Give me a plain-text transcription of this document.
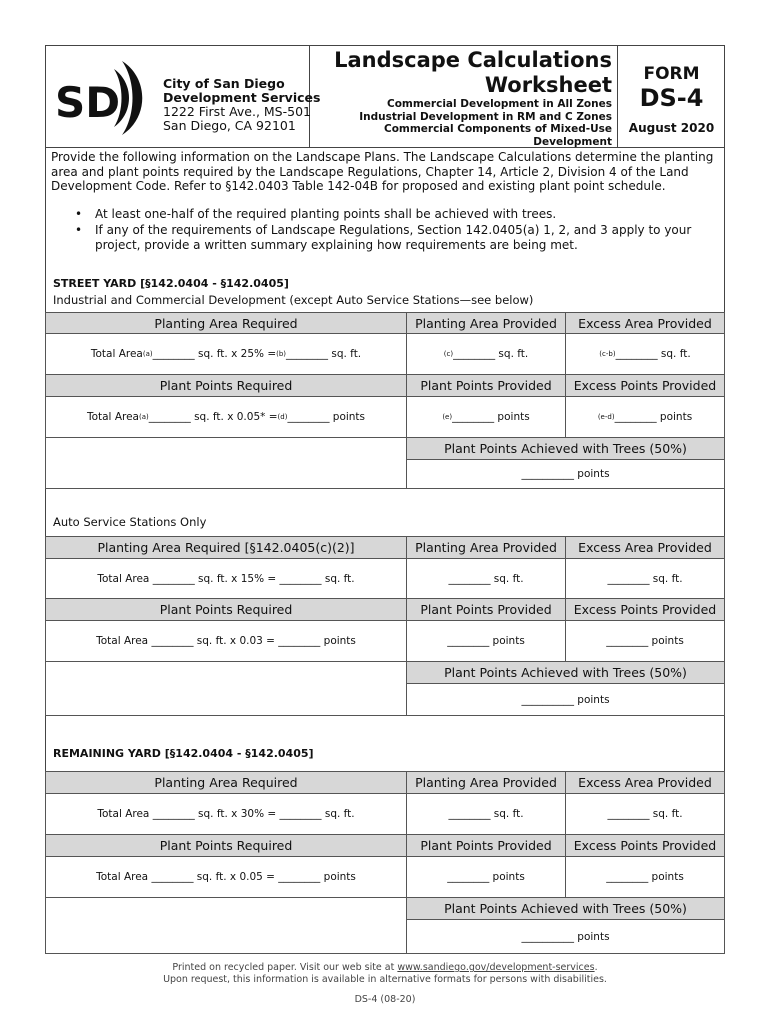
SD	City of San Diego
Development Services
1222 First Ave., MS-501
San Diego, CA 92101
Landscape Calculations
Worksheet
Commercial Development in All Zones
Industrial Development in RM and C Zones
Commercial Components of Mixed-Use Development
FORM
DS-4
August 2020
Provide the following information on the Landscape Plans. The Landscape Calculations determine the planting area and plant points required by the Landscape Regulations, Chapter 14, Article 2, Division 4 of the Land Development Code. Refer to §142.0403 Table 142-04B for proposed and existing plant point schedule.
• At least one-half of the required planting points shall be achieved with trees.
• If any of the requirements of Landscape Regulations, Section 142.0405(a) 1, 2, and 3 apply to your project, provide a written summary explaining how requirements are being met.
STREET YARD [§142.0404 - §142.0405]
Industrial and Commercial Development (except Auto Service Stations—see below)
Planting Area Required	Planting Area Provided	Excess Area Provided
Total Area (a) ________ sq. ft. x 25% = (b) ________ sq. ft.	(c) ________ sq. ft.	(c-b) ________ sq. ft.
Plant Points Required	Plant Points Provided	Excess Points Provided
Total Area (a) ________ sq. ft. x 0.05* = (d) ________ points	(e) ________ points	(e-d) ________ points
Plant Points Achieved with Trees (50%)
__________ points
Auto Service Stations Only
Planting Area Required [§142.0405(c)(2)]	Planting Area Provided	Excess Area Provided
Total Area ________ sq. ft. x 15% = ________ sq. ft.	________ sq. ft.	________ sq. ft.
Plant Points Required	Plant Points Provided	Excess Points Provided
Total Area ________ sq. ft. x 0.03 = ________ points	________ points	________ points
Plant Points Achieved with Trees (50%)
__________ points
REMAINING YARD [§142.0404 - §142.0405]
Planting Area Required	Planting Area Provided	Excess Area Provided
Total Area ________ sq. ft. x 30% = ________ sq. ft.	________ sq. ft.	________ sq. ft.
Plant Points Required	Plant Points Provided	Excess Points Provided
Total Area ________ sq. ft. x 0.05 = ________ points	________ points	________ points
Plant Points Achieved with Trees (50%)
__________ points
Printed on recycled paper. Visit our web site at www.sandiego.gov/development-services.
Upon request, this information is available in alternative formats for persons with disabilities.
DS-4 (08-20)
